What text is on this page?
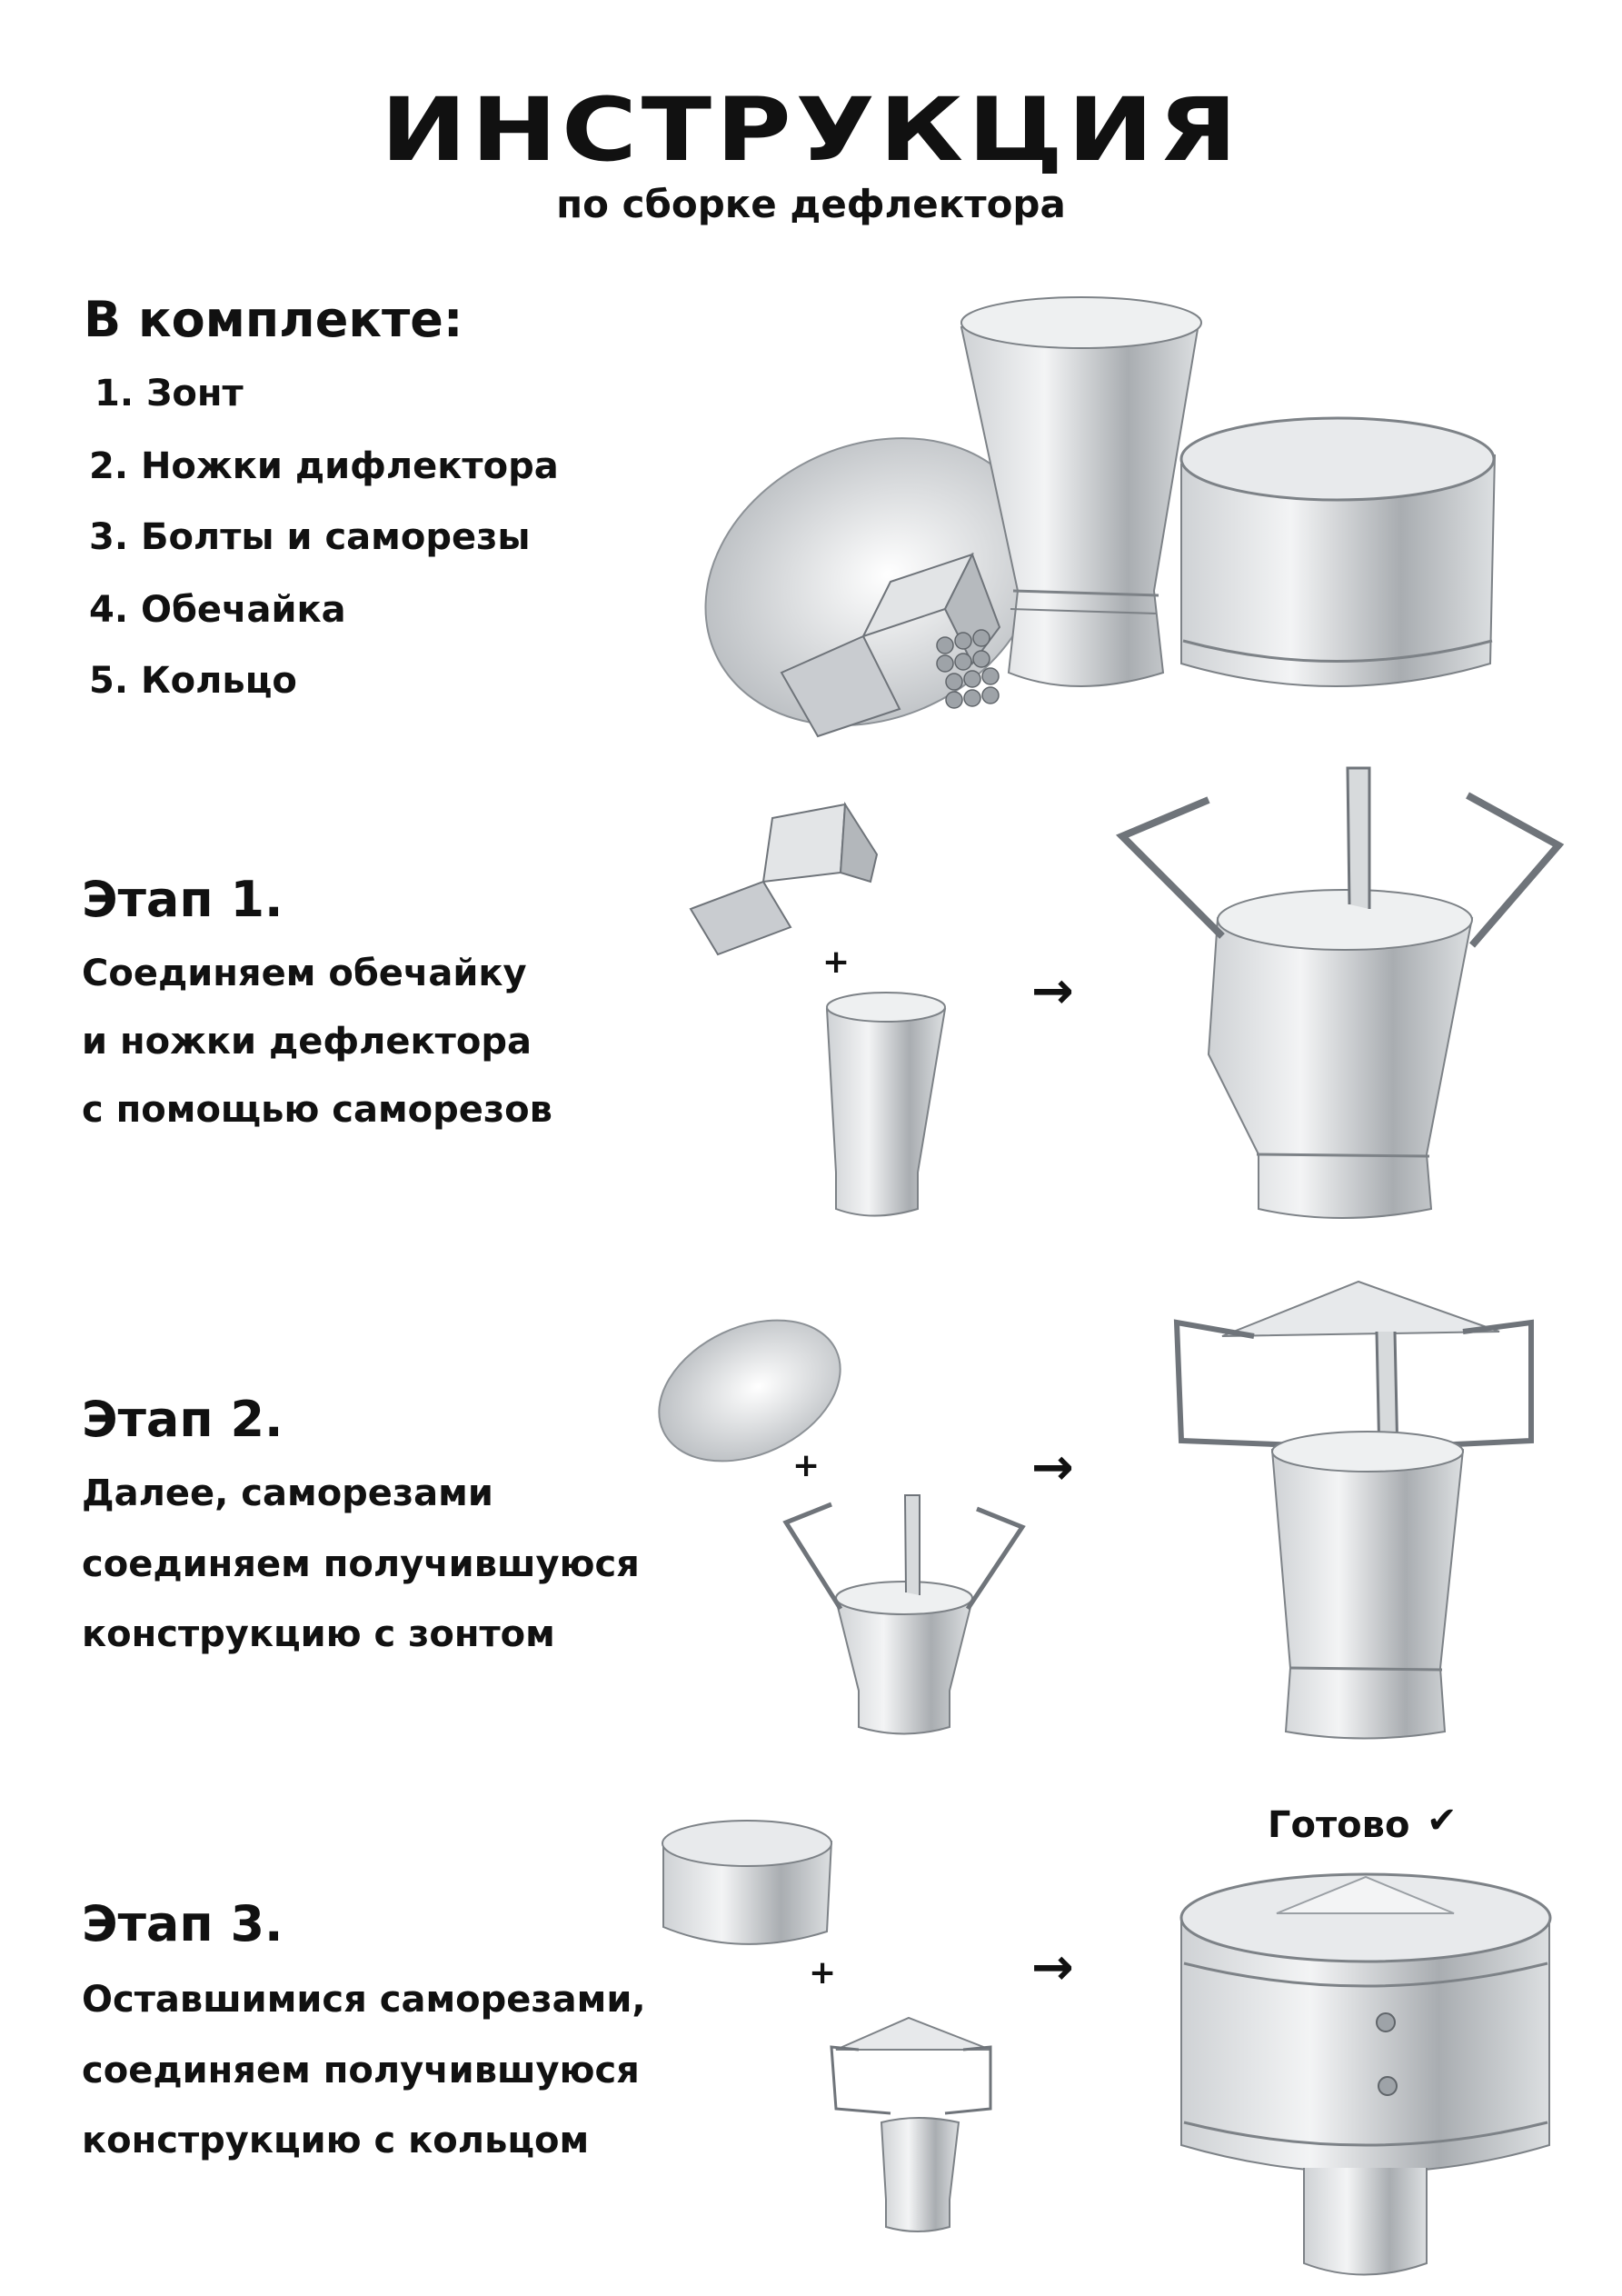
ИНСТРУКЦИЯ
по сборке дефлектора
В комплекте:
1. Зонт
2. Ножки дифлектора
3. Болты и саморезы
4. Обечайка
5. Кольцо
Этап 1.
Соединяем обечайку
и ножки дефлектора
с помощью саморезов
+	→
Этап 2.
Далее, саморезами
соединяем получившуюся
конструкцию с зонтом
+	→
Этап 3.
Оставшимися саморезами,
соединяем получившуюся
конструкцию с кольцом
+	→
Готово ✔
